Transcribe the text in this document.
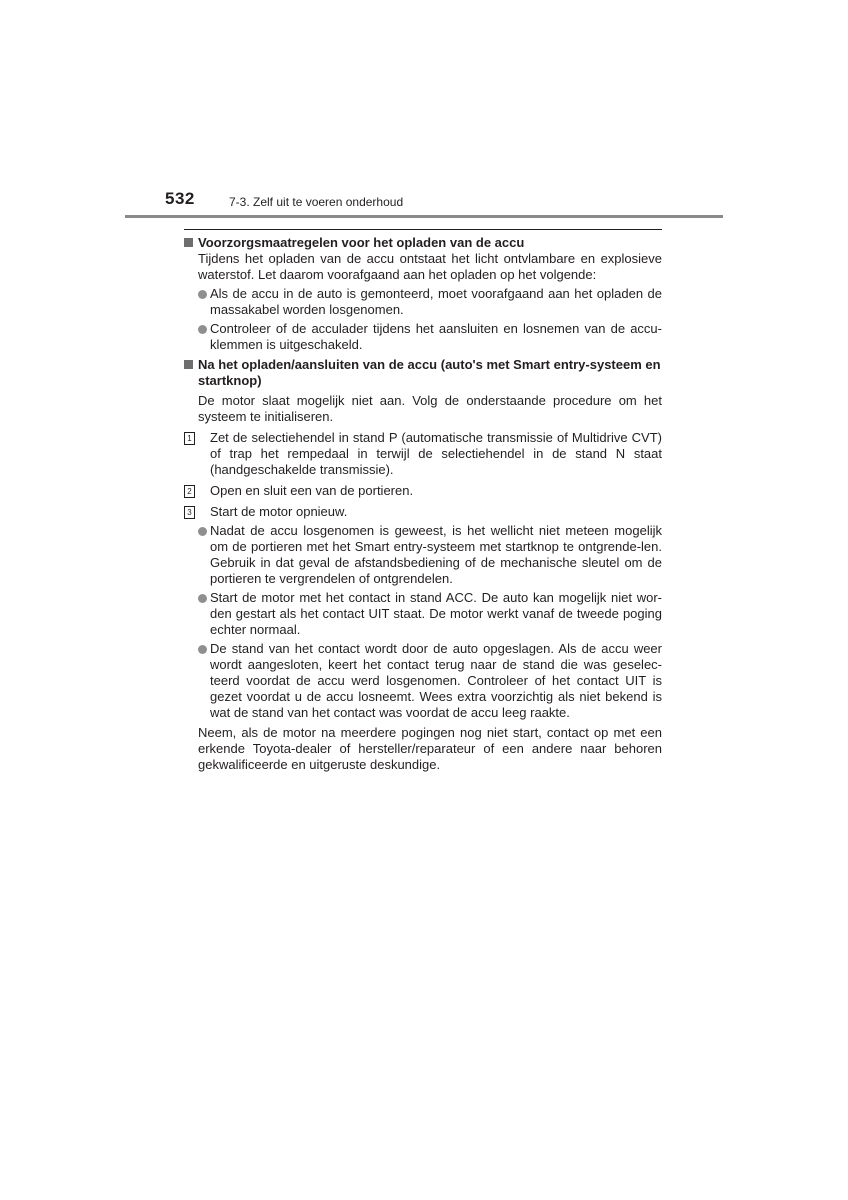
532	7-3. Zelf uit te voeren onderhoud
Voorzorgsmaatregelen voor het opladen van de accu
Tijdens het opladen van de accu ontstaat het licht ontvlambare en explosieve waterstof. Let daarom voorafgaand aan het opladen op het volgende:
Als de accu in de auto is gemonteerd, moet voorafgaand aan het opladen de massakabel worden losgenomen.
Controleer of de acculader tijdens het aansluiten en losnemen van de accu-klemmen is uitgeschakeld.
Na het opladen/aansluiten van de accu (auto's met Smart entry-systeem en startknop)
De motor slaat mogelijk niet aan. Volg de onderstaande procedure om het systeem te initialiseren.
1 Zet de selectiehendel in stand P (automatische transmissie of Multidrive CVT) of trap het rempedaal in terwijl de selectiehendel in de stand N staat (handgeschakelde transmissie).
2 Open en sluit een van de portieren.
3 Start de motor opnieuw.
Nadat de accu losgenomen is geweest, is het wellicht niet meteen mogelijk om de portieren met het Smart entry-systeem met startknop te ontgrende-len. Gebruik in dat geval de afstandsbediening of de mechanische sleutel om de portieren te vergrendelen of ontgrendelen.
Start de motor met het contact in stand ACC. De auto kan mogelijk niet wor-den gestart als het contact UIT staat. De motor werkt vanaf de tweede poging echter normaal.
De stand van het contact wordt door de auto opgeslagen. Als de accu weer wordt aangesloten, keert het contact terug naar de stand die was geselec-teerd voordat de accu werd losgenomen. Controleer of het contact UIT is gezet voordat u de accu losneemt. Wees extra voorzichtig als niet bekend is wat de stand van het contact was voordat de accu leeg raakte.
Neem, als de motor na meerdere pogingen nog niet start, contact op met een erkende Toyota-dealer of hersteller/reparateur of een andere naar behoren gekwalificeerde en uitgeruste deskundige.
